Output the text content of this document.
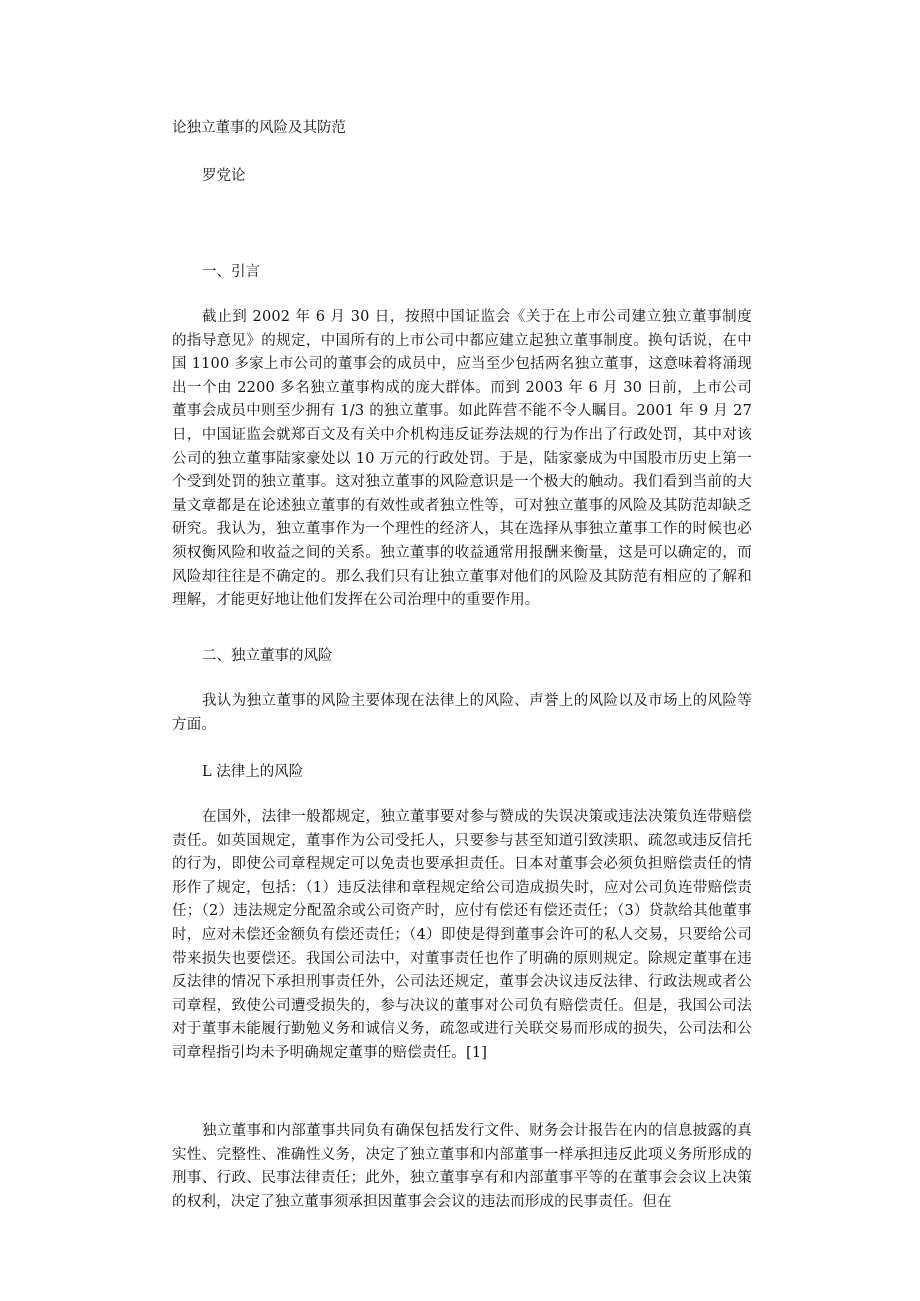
论独立董事的风险及其防范
罗党论
一、引言

截止到 2002 年 6 月 30 日，按照中国证监会《关于在上市公司建立独立董事制度的指导意见》的规定，中国所有的上市公司中都应建立起独立董事制度。换句话说，在中国 1100 多家上市公司的董事会的成员中，应当至少包括两名独立董事，这意味着将涌现出一个由 2200 多名独立董事构成的庞大群体。而到 2003 年 6 月 30 日前，上市公司董事会成员中则至少拥有 1/3 的独立董事。如此阵营不能不令人瞩目。2001 年 9 月 27 日，中国证监会就郑百文及有关中介机构违反证券法规的行为作出了行政处罚，其中对该公司的独立董事陆家豪处以 10 万元的行政处罚。于是，陆家豪成为中国股市历史上第一个受到处罚的独立董事。这对独立董事的风险意识是一个极大的触动。我们看到当前的大量文章都是在论述独立董事的有效性或者独立性等，可对独立董事的风险及其防范却缺乏研究。我认为，独立董事作为一个理性的经济人，其在选择从事独立董事工作的时候也必须权衡风险和收益之间的关系。独立董事的收益通常用报酬来衡量，这是可以确定的，而风险却往往是不确定的。那么我们只有让独立董事对他们的风险及其防范有相应的了解和理解，才能更好地让他们发挥在公司治理中的重要作用。

二、独立董事的风险

我认为独立董事的风险主要体现在法律上的风险、声誉上的风险以及市场上的风险等方面。

L 法律上的风险

在国外，法律一般都规定，独立董事要对参与赞成的失误决策或违法决策负连带赔偿责任。如英国规定，董事作为公司受托人，只要参与甚至知道引致渎职、疏忽或违反信托的行为，即使公司章程规定可以免责也要承担责任。日本对董事会必须负担赔偿责任的情形作了规定，包括：（1）违反法律和章程规定给公司造成损失时，应对公司负连带赔偿责任；（2）违法规定分配盈余或公司资产时，应付有偿还有偿还责任；（3）贷款给其他董事时，应对未偿还金额负有偿还责任；（4）即使是得到董事会许可的私人交易，只要给公司带来损失也要偿还。我国公司法中，对董事责任也作了明确的原则规定。除规定董事在违反法律的情况下承担刑事责任外，公司法还规定，董事会决议违反法律、行政法规或者公司章程，致使公司遭受损失的，参与决议的董事对公司负有赔偿责任。但是，我国公司法对于董事未能履行勤勉义务和诚信义务，疏忽或进行关联交易而形成的损失，公司法和公司章程指引均未予明确规定董事的赔偿责任。[1]

独立董事和内部董事共同负有确保包括发行文件、财务会计报告在内的信息披露的真实性、完整性、准确性义务，决定了独立董事和内部董事一样承担违反此项义务所形成的刑事、行政、民事法律责任；此外，独立董事享有和内部董事平等的在董事会会议上决策的权利，决定了独立董事须承担因董事会会议的违法而形成的民事责任。但在
